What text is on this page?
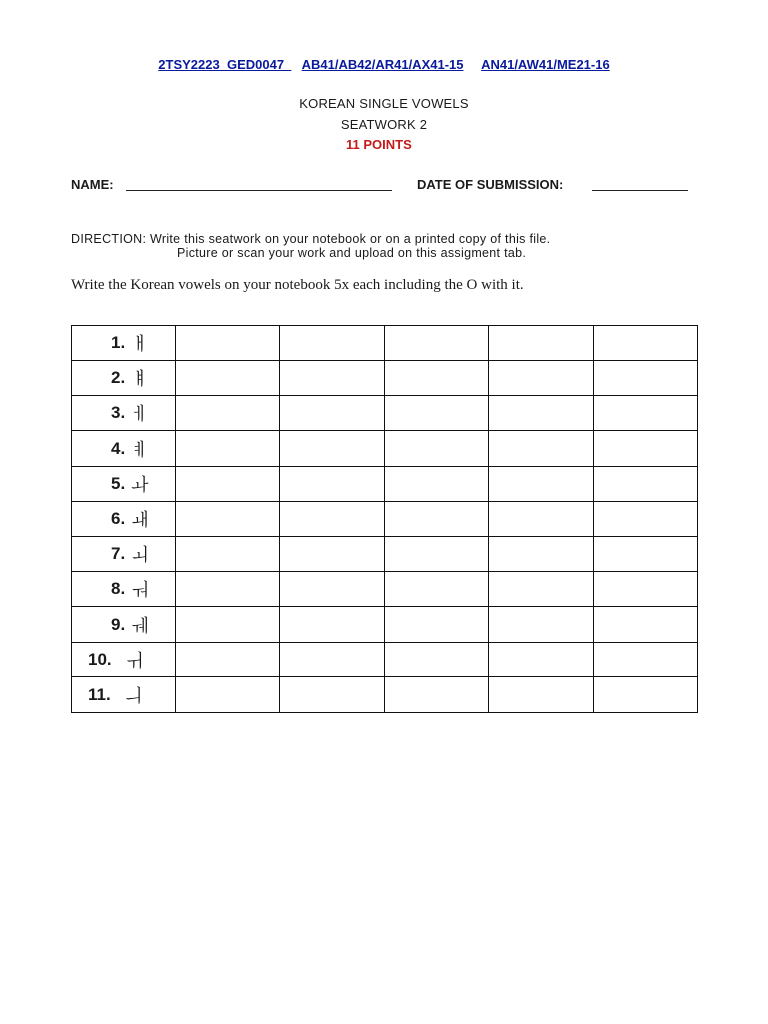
2TSY2223_GED0047_ AB41/AB42/AR41/AX41-15 AN41/AW41/ME21-16
KOREAN SINGLE VOWELS
SEATWORK 2
11 POINTS
NAME:	DATE OF SUBMISSION:
DIRECTION: Write this seatwork on your notebook or on a printed copy of this file.
Picture or scan your work and upload on this assigment tab.
Write the Korean vowels on your notebook 5x each including the O with it.
1. ㅐ					

2. ㅒ					

3. ㅔ					

4. ㅖ					

5. ㅘ					

6. ㅙ					

7. ㅚ					

8. ㅝ					

9. ㅞ					

10. ㅟ					

11. ㅢ					
